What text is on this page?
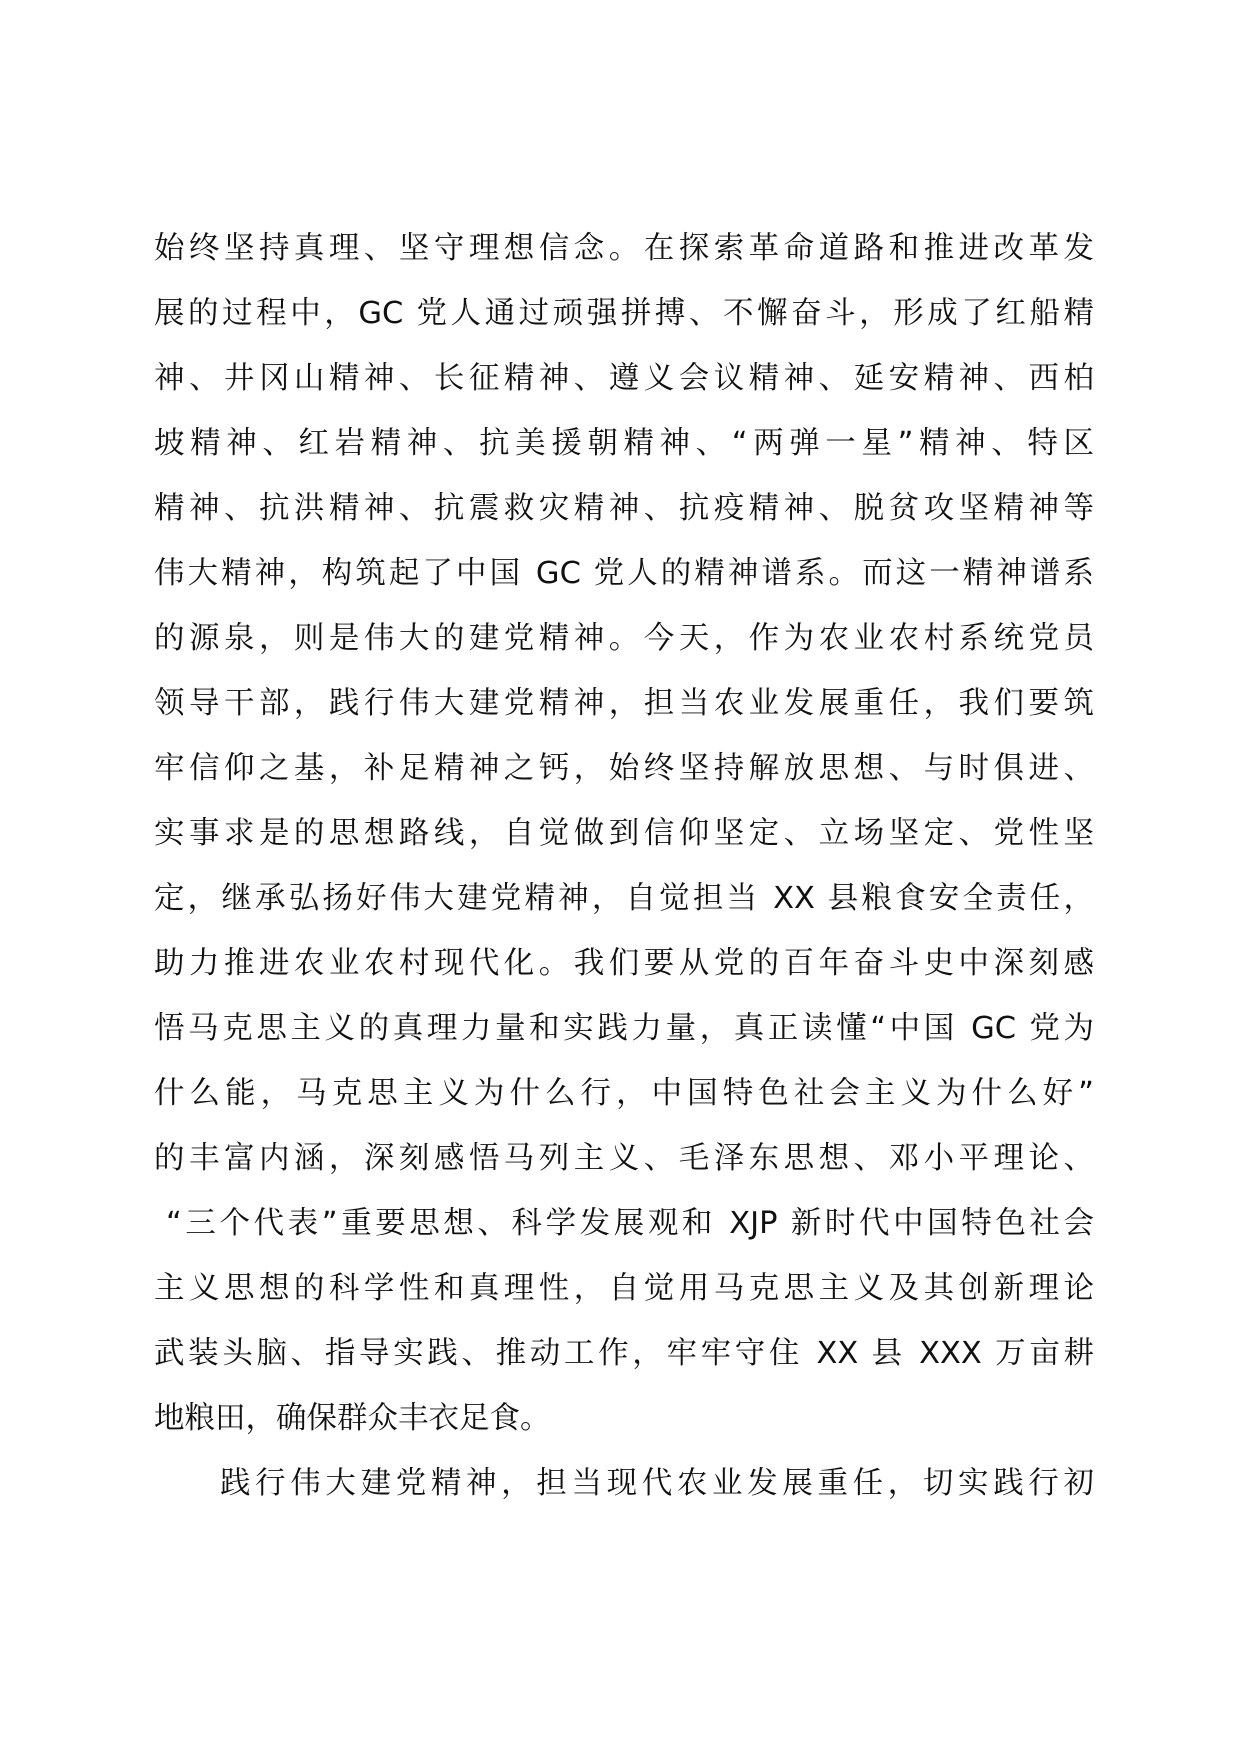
始终坚持真理、坚守理想信念。在探索革命道路和推进改革发
展的过程中，GC 党人通过顽强拼搏、不懈奋斗，形成了红船精
神、井冈山精神、长征精神、遵义会议精神、延安精神、西柏
坡精神、红岩精神、抗美援朝精神、“两弹一星”精神、特区
精神、抗洪精神、抗震救灾精神、抗疫精神、脱贫攻坚精神等
伟大精神，构筑起了中国 GC 党人的精神谱系。而这一精神谱系
的源泉，则是伟大的建党精神。今天，作为农业农村系统党员
领导干部，践行伟大建党精神，担当农业发展重任，我们要筑
牢信仰之基，补足精神之钙，始终坚持解放思想、与时俱进、
实事求是的思想路线，自觉做到信仰坚定、立场坚定、党性坚
定，继承弘扬好伟大建党精神，自觉担当 XX 县粮食安全责任，
助力推进农业农村现代化。我们要从党的百年奋斗史中深刻感
悟马克思主义的真理力量和实践力量，真正读懂“中国 GC 党为
什么能，马克思主义为什么行，中国特色社会主义为什么好”
的丰富内涵，深刻感悟马列主义、毛泽东思想、邓小平理论、
“三个代表”重要思想、科学发展观和 XJP 新时代中国特色社会
主义思想的科学性和真理性，自觉用马克思主义及其创新理论
武装头脑、指导实践、推动工作，牢牢守住 XX 县 XXX 万亩耕
地粮田，确保群众丰衣足食。
践行伟大建党精神，担当现代农业发展重任，切实践行初
